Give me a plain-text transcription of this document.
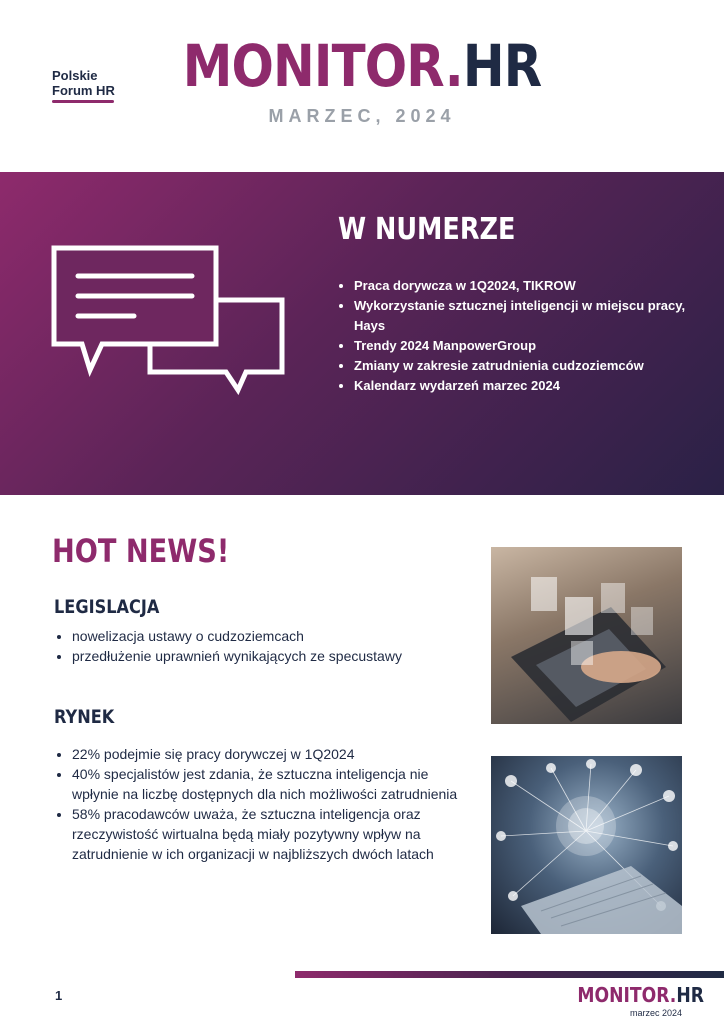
Polskie
Forum HR	MONITOR.HR
MARZEC, 2024
W NUMERZE
• Praca dorywcza w 1Q2024, TIKROW
• Wykorzystanie sztucznej inteligencji w miejscu pracy, Hays
• Trendy 2024 ManpowerGroup
• Zmiany w zakresie zatrudnienia cudzoziemców
• Kalendarz wydarzeń marzec 2024
HOT NEWS!
LEGISLACJA
• nowelizacja ustawy o cudzoziemcach
• przedłużenie uprawnień wynikających ze specustawy
RYNEK
• 22% podejmie się pracy dorywczej w 1Q2024
• 40% specjalistów jest zdania, że sztuczna inteligencja nie wpłynie na liczbę dostępnych dla nich możliwości zatrudnienia
• 58% pracodawców uważa, że sztuczna inteligencja oraz rzeczywistość wirtualna będą miały pozytywny wpływ na zatrudnienie w ich organizacji w najbliższych dwóch latach
1	MONITOR.HR
marzec 2024
